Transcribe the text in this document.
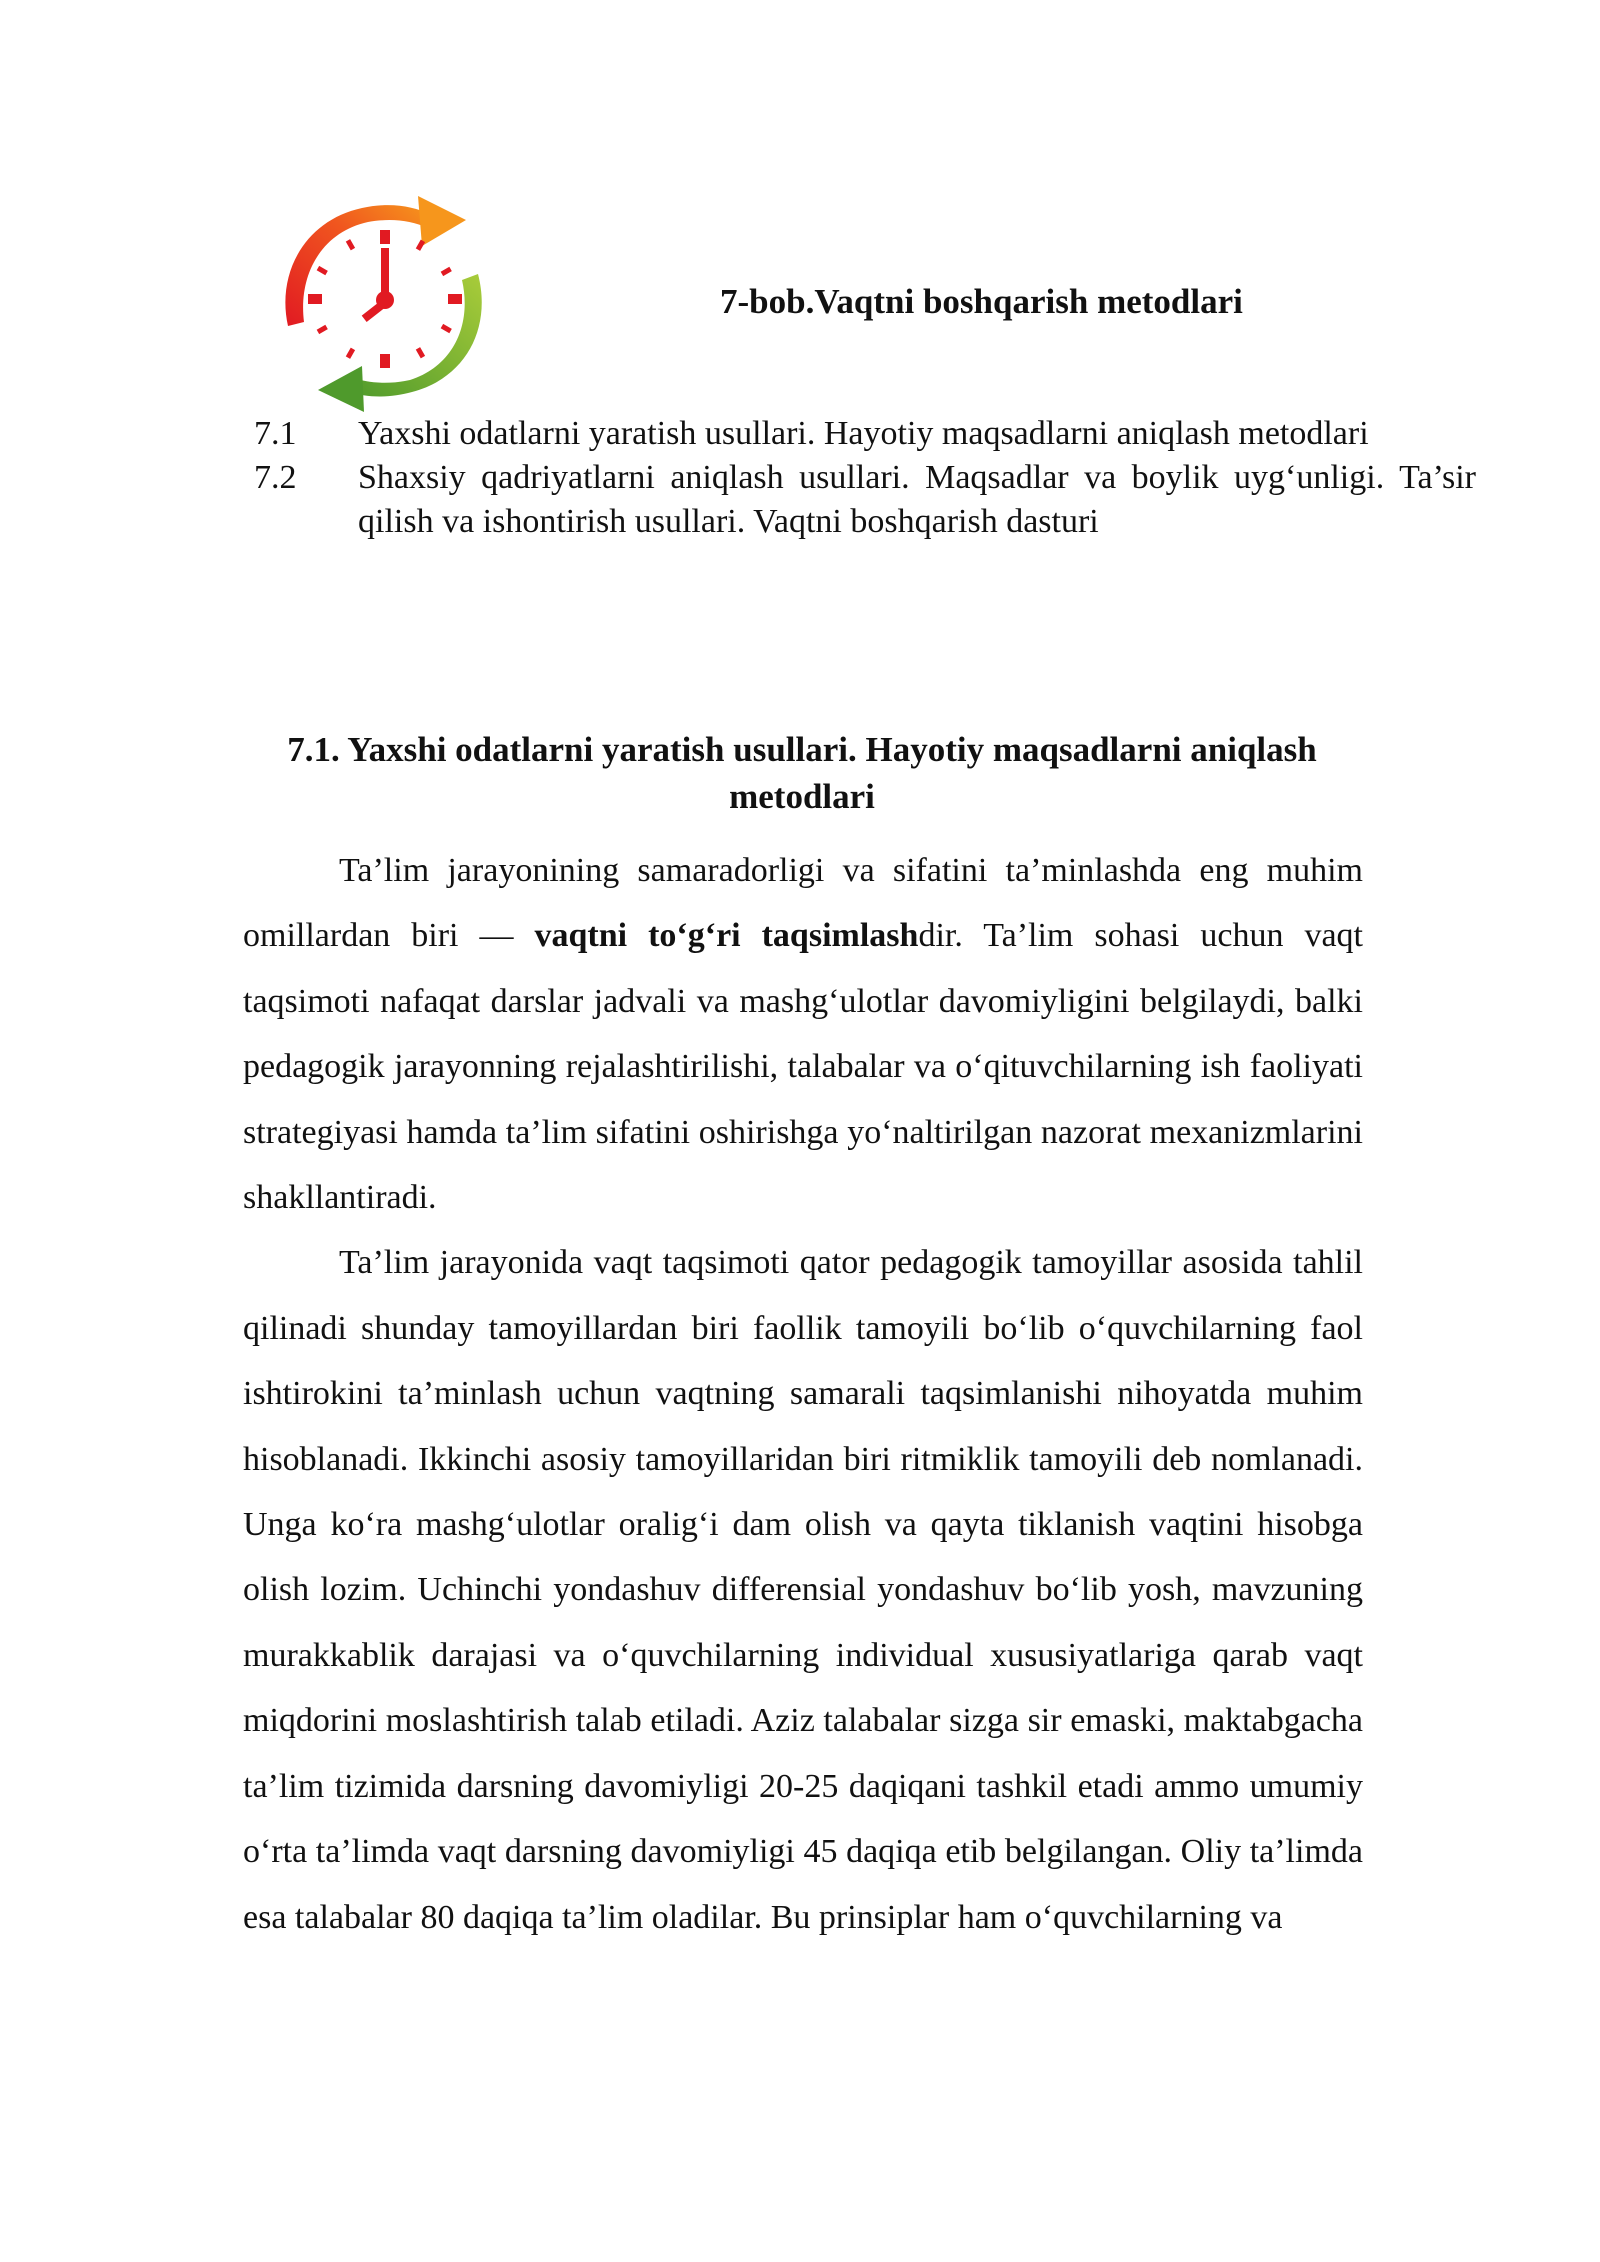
7-bob.Vaqtni boshqarish metodlari
7.1	Yaxshi odatlarni yaratish usullari. Hayotiy maqsadlarni aniqlash metodlari
7.2	Shaxsiy qadriyatlarni aniqlash usullari. Maqsadlar va boylik uyg‘unligi. Ta’sir qilish va ishontirish usullari. Vaqtni boshqarish dasturi
7.1. Yaxshi odatlarni yaratish usullari. Hayotiy maqsadlarni aniqlash metodlari

Ta’lim jarayonining samaradorligi va sifatini ta’minlashda eng muhim omillardan biri — vaqtni to‘g‘ri taqsimlashdir. Ta’lim sohasi uchun vaqt taqsimoti nafaqat darslar jadvali va mashg‘ulotlar davomiyligini belgilaydi, balki pedagogik jarayonning rejalashtirilishi, talabalar va o‘qituvchilarning ish faoliyati strategiyasi hamda ta’lim sifatini oshirishga yo‘naltirilgan nazorat mexanizmlarini shakllantiradi.

Ta’lim jarayonida vaqt taqsimoti qator pedagogik tamoyillar asosida tahlil qilinadi shunday tamoyillardan biri faollik tamoyili bo‘lib o‘quvchilarning faol ishtirokini ta’minlash uchun vaqtning samarali taqsimlanishi nihoyatda muhim hisoblanadi. Ikkinchi asosiy tamoyillaridan biri ritmiklik tamoyili deb nomlanadi. Unga ko‘ra mashg‘ulotlar oralig‘i dam olish va qayta tiklanish vaqtini hisobga olish lozim. Uchinchi yondashuv differensial yondashuv bo‘lib yosh, mavzuning murakkablik darajasi va o‘quvchilarning individual xususiyatlariga qarab vaqt miqdorini moslashtirish talab etiladi. Aziz talabalar sizga sir emaski, maktabgacha ta’lim tizimida darsning davomiyligi 20-25 daqiqani tashkil etadi ammo umumiy o‘rta ta’limda vaqt darsning davomiyligi 45 daqiqa etib belgilangan. Oliy ta’limda esa talabalar 80 daqiqa ta’lim oladilar. Bu prinsiplar ham o‘quvchilarning va
